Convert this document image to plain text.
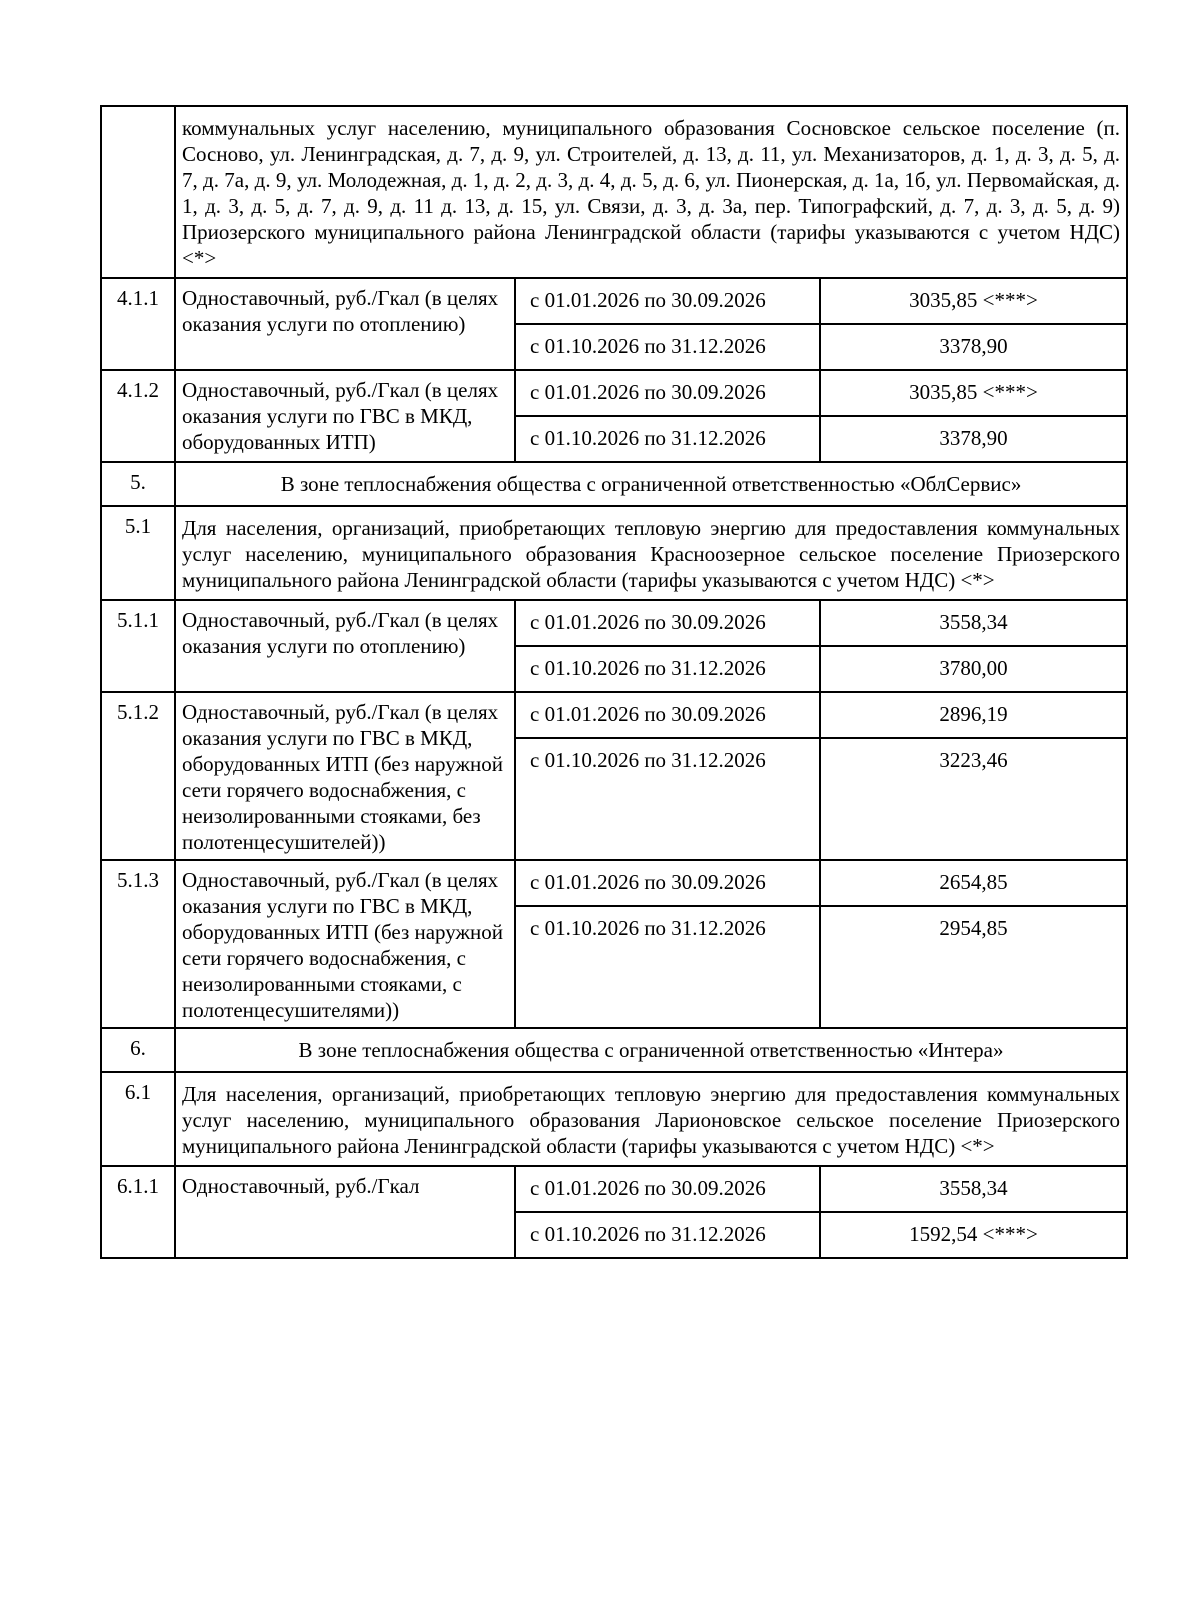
	коммунальных услуг населению, муниципального образования Сосновское сельское поселение (п. Сосново, ул. Ленинградская, д. 7, д. 9, ул. Строителей, д. 13, д. 11, ул. Механизаторов, д. 1, д. 3, д. 5, д. 7, д. 7а, д. 9, ул. Молодежная, д. 1, д. 2, д. 3, д. 4, д. 5, д. 6, ул. Пионерская, д. 1а, 1б, ул. Первомайская, д. 1, д. 3, д. 5, д. 7, д. 9, д. 11 д. 13, д. 15, ул. Связи, д. 3, д. 3а, пер. Типографский, д. 7, д. 3, д. 5, д. 9) Приозерского муниципального района Ленинградской области (тарифы указываются с учетом НДС) <*>		
4.1.1	Одноставочный, руб./Гкал (в целях оказания услуги по отоплению)	с 01.01.2026 по 30.09.2026	3035,85 <***>
		с 01.10.2026 по 31.12.2026	3378,90
4.1.2	Одноставочный, руб./Гкал (в целях оказания услуги по ГВС в МКД, оборудованных ИТП)	с 01.01.2026 по 30.09.2026	3035,85 <***>
		с 01.10.2026 по 31.12.2026	3378,90
5.	В зоне теплоснабжения общества с ограниченной ответственностью «ОблСервис»		
5.1	Для населения, организаций, приобретающих тепловую энергию для предоставления коммунальных услуг населению, муниципального образования Красноозерное сельское поселение Приозерского муниципального района Ленинградской области (тарифы указываются с учетом НДС) <*>		
5.1.1	Одноставочный, руб./Гкал (в целях оказания услуги по отоплению)	с 01.01.2026 по 30.09.2026	3558,34
		с 01.10.2026 по 31.12.2026	3780,00
5.1.2	Одноставочный, руб./Гкал (в целях оказания услуги по ГВС в МКД, оборудованных ИТП (без наружной сети горячего водоснабжения, с неизолированными стояками, без полотенцесушителей))	с 01.01.2026 по 30.09.2026	2896,19
		с 01.10.2026 по 31.12.2026	3223,46
5.1.3	Одноставочный, руб./Гкал (в целях оказания услуги по ГВС в МКД, оборудованных ИТП (без наружной сети горячего водоснабжения, с неизолированными стояками, с полотенцесушителями))	с 01.01.2026 по 30.09.2026	2654,85
		с 01.10.2026 по 31.12.2026	2954,85
6.	В зоне теплоснабжения общества с ограниченной ответственностью «Интера»		
6.1	Для населения, организаций, приобретающих тепловую энергию для предоставления коммунальных услуг населению, муниципального образования Ларионовское сельское поселение Приозерского муниципального района Ленинградской области (тарифы указываются с учетом НДС) <*>		
6.1.1	Одноставочный, руб./Гкал	с 01.01.2026 по 30.09.2026	3558,34
		с 01.10.2026 по 31.12.2026	1592,54 <***>
